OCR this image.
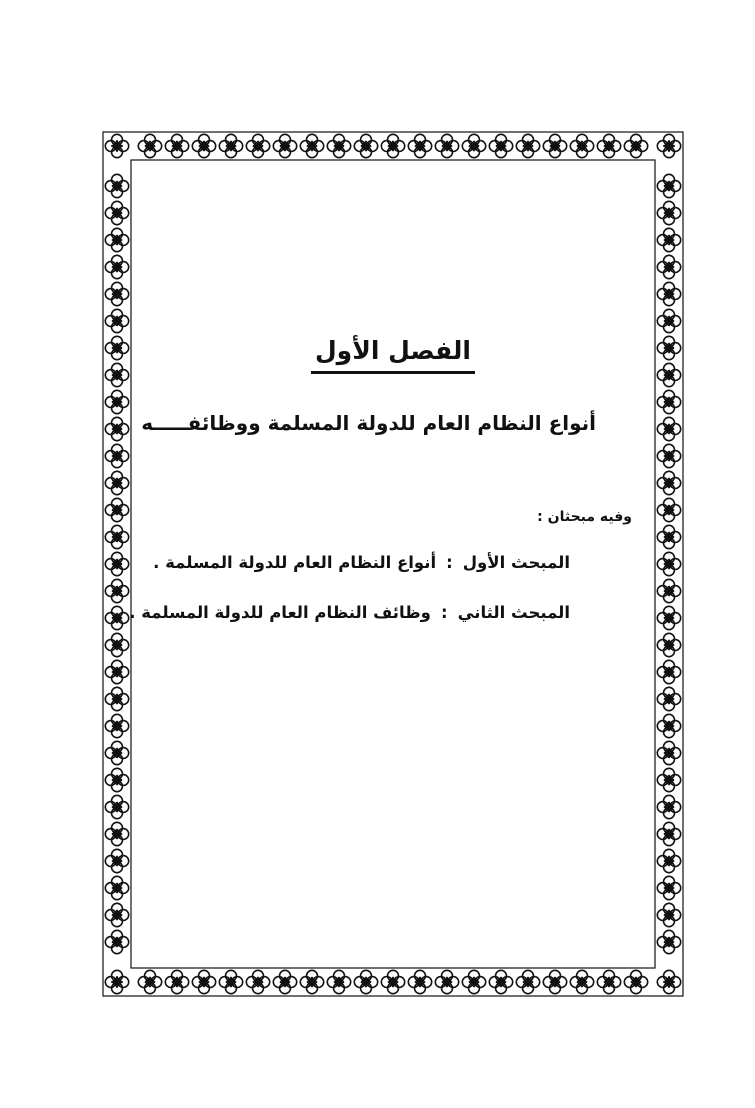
الفصل الأول

أنواع النظام العام للدولة المسلمة ووظائفـــــه

وفيه مبحثان :

المبحث الأول:أنواع النظام العام للدولة المسلمة .
المبحث الثاني:وظائف النظام العام للدولة المسلمة .
